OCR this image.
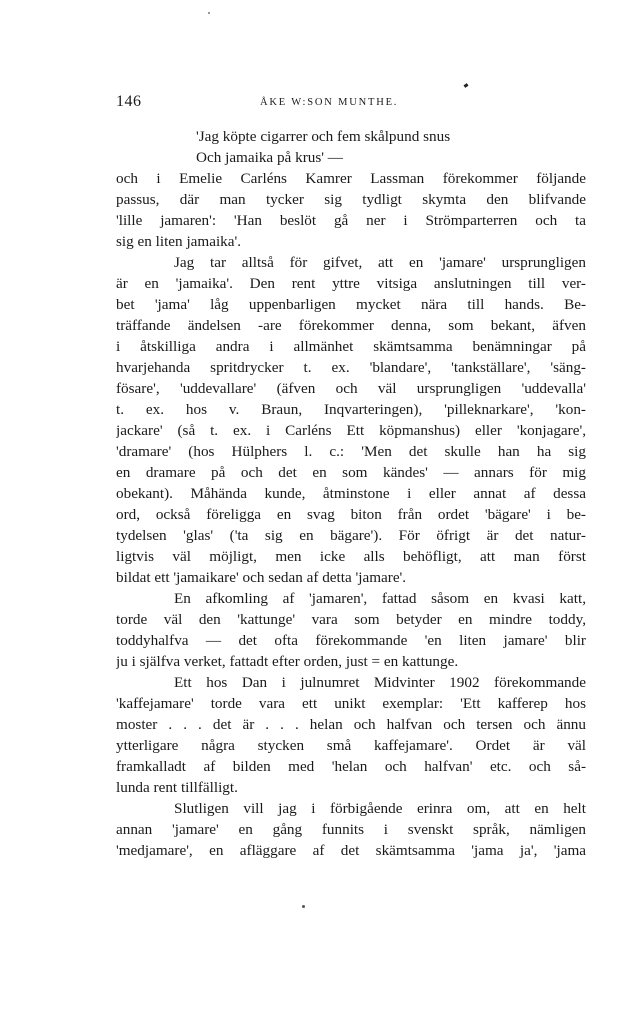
146	ÅKE W:SON MUNTHE.
'Jag köpte cigarrer och fem skålpund snus
Och jamaika på krus' —
och i Emelie Carléns Kamrer Lassman förekommer följande
passus, där man tycker sig tydligt skymta den blifvande
'lille jamaren': 'Han beslöt gå ner i Strömparterren och ta
sig en liten jamaika'.
Jag tar alltså för gifvet, att en 'jamare' ursprungligen
är en 'jamaika'. Den rent yttre vitsiga anslutningen till ver-
bet 'jama' låg uppenbarligen mycket nära till hands. Be-
träffande ändelsen -are förekommer denna, som bekant, äfven
i åtskilliga andra i allmänhet skämtsamma benämningar på
hvarjehanda spritdrycker t. ex. 'blandare', 'tankställare', 'säng-
fösare', 'uddevallare' (äfven och väl ursprungligen 'uddevalla'
t. ex. hos v. Braun, Inqvarteringen), 'pilleknarkare', 'kon-
jackare' (så t. ex. i Carléns Ett köpmanshus) eller 'konjagare',
'dramare' (hos Hülphers l. c.: 'Men det skulle han ha sig
en dramare på och det en som kändes' — annars för mig
obekant). Måhända kunde, åtminstone i eller annat af dessa
ord, också föreligga en svag biton från ordet 'bägare' i be-
tydelsen 'glas' ('ta sig en bägare'). För öfrigt är det natur-
ligtvis väl möjligt, men icke alls behöfligt, att man först
bildat ett 'jamaikare' och sedan af detta 'jamare'.
En afkomling af 'jamaren', fattad såsom en kvasi katt,
torde väl den 'kattunge' vara som betyder en mindre toddy,
toddyhalfva — det ofta förekommande 'en liten jamare' blir
ju i själfva verket, fattadt efter orden, just = en kattunge.
Ett hos Dan i julnumret Midvinter 1902 förekommande
'kaffejamare' torde vara ett unikt exemplar: 'Ett kafferep hos
moster . . . det är . . . helan och halfvan och tersen och ännu
ytterligare några stycken små kaffejamare'. Ordet är väl
framkalladt af bilden med 'helan och halfvan' etc. och så-
lunda rent tillfälligt.
Slutligen vill jag i förbigående erinra om, att en helt
annan 'jamare' en gång funnits i svenskt språk, nämligen
'medjamare', en afläggare af det skämtsamma 'jama ja', 'jama
